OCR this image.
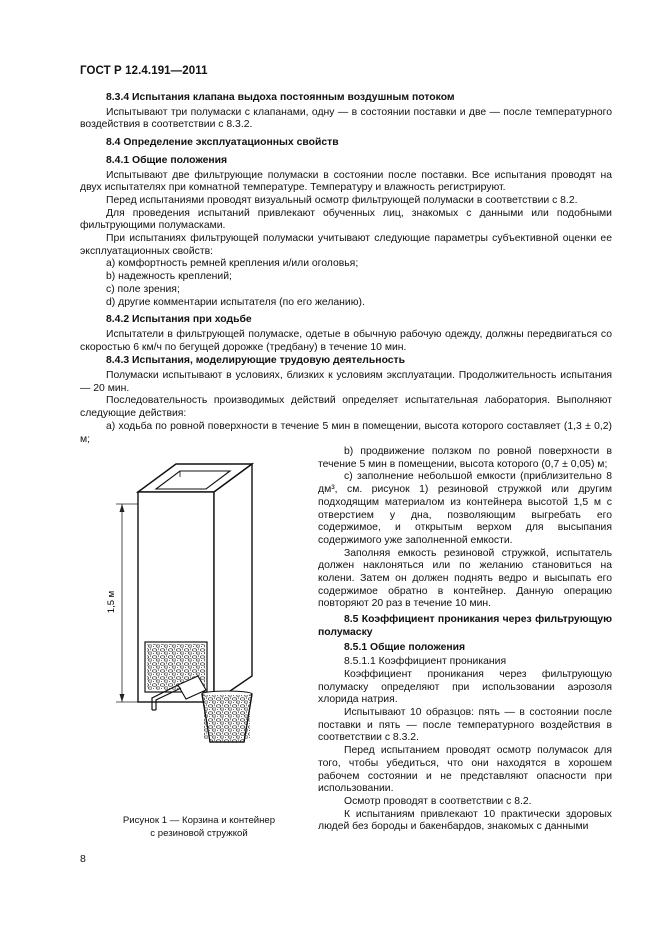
ГОСТ Р 12.4.191—2011

8.3.4 Испытания клапана выдоха постоянным воздушным потоком

Испытывают три полумаски с клапанами, одну — в состоянии поставки и две — после температурного воздействия в соответствии с 8.3.2.

8.4 Определение эксплуатационных свойств

8.4.1 Общие положения

Испытывают две фильтрующие полумаски в состоянии после поставки. Все испытания проводят на двух испытателях при комнатной температуре. Температуру и влажность регистрируют.

Перед испытаниями проводят визуальный осмотр фильтрующей полумаски в соответствии с 8.2.

Для проведения испытаний привлекают обученных лиц, знакомых с данными или подобными фильтрующими полумасками.

При испытаниях фильтрующей полумаски учитывают следующие параметры субъективной оценки ее эксплуатационных свойств:

a) комфортность ремней крепления и/или оголовья;

b) надежность креплений;

c) поле зрения;

d) другие комментарии испытателя (по его желанию).

8.4.2 Испытания при ходьбе

Испытатели в фильтрующей полумаске, одетые в обычную рабочую одежду, должны передвигаться со скоростью 6 км/ч по бегущей дорожке (тредбану) в течение 10 мин.

8.4.3 Испытания, моделирующие трудовую деятельность

Полумаски испытывают в условиях, близких к условиям эксплуатации. Продолжительность испытания — 20 мин.

Последовательность производимых действий определяет испытательная лаборатория. Выполняют следующие действия:

a) ходьба по ровной поверхности в течение 5 мин в помещении, высота которого составляет (1,3 ± 0,2) м;

1,5 м
Рисунок 1 — Корзина и контейнер
с резиновой стружкой

b) продвижение ползком по ровной поверхности в течение 5 мин в помещении, высота которого (0,7 ± 0,05) м;

c) заполнение небольшой емкости (приблизительно 8 дм³, см. рисунок 1) резиновой стружкой или другим подходящим материалом из контейнера высотой 1,5 м с отверстием у дна, позволяющим выгребать его содержимое, и открытым верхом для высыпания содержимого уже заполненной емкости.

Заполняя емкость резиновой стружкой, испытатель должен наклоняться или по желанию становиться на колени. Затем он должен поднять ведро и высыпать его содержимое обратно в контейнер. Данную операцию повторяют 20 раз в течение 10 мин.

8.5 Коэффициент проникания через фильтрующую полумаску

8.5.1 Общие положения

8.5.1.1 Коэффициент проникания

Коэффициент проникания через фильтрующую полумаску определяют при использовании аэрозоля хлорида натрия.

Испытывают 10 образцов: пять — в состоянии после поставки и пять — после температурного воздействия в соответствии с 8.3.2.

Перед испытанием проводят осмотр полумасок для того, чтобы убедиться, что они находятся в хорошем рабочем состоянии и не представляют опасности при использовании.

Осмотр проводят в соответствии с 8.2.

К испытаниям привлекают 10 практически здоровых людей без бороды и бакенбардов, знакомых с данными

8
